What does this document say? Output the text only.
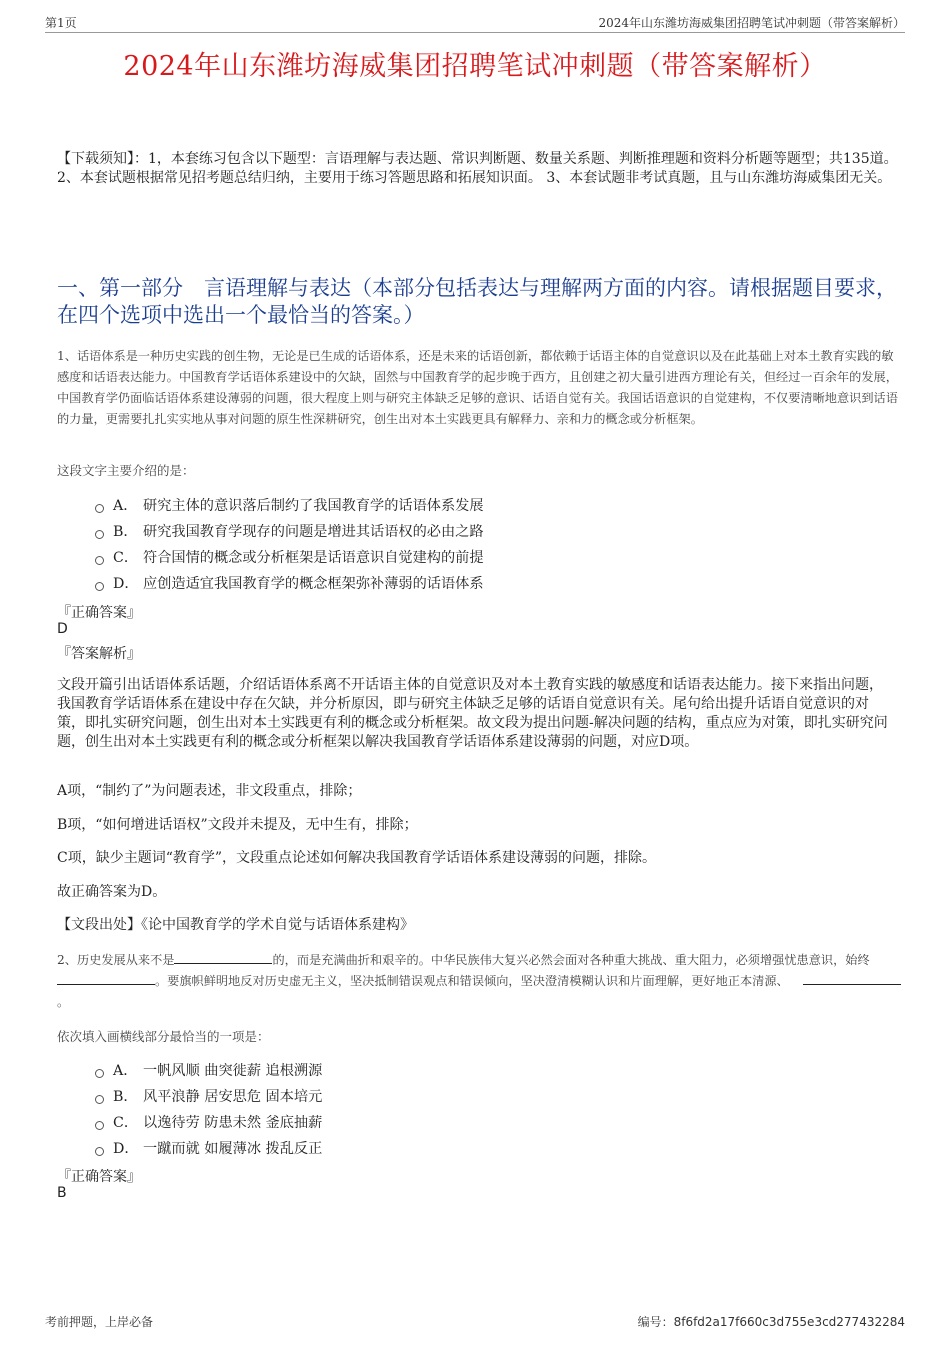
第1页	2024年山东潍坊海威集团招聘笔试冲刺题（带答案解析）
2024年山东潍坊海威集团招聘笔试冲刺题（带答案解析）
【下载须知】：1，本套练习包含以下题型：言语理解与表达题、常识判断题、数量关系题、判断推理题和资料分析题等题型；共135道。 2、本套试题根据常见招考题总结归纳，主要用于练习答题思路和拓展知识面。 3、本套试题非考试真题，且与山东潍坊海威集团无关。
一、第一部分　言语理解与表达（本部分包括表达与理解两方面的内容。请根据题目要求，在四个选项中选出一个最恰当的答案。）
1、话语体系是一种历史实践的创生物，无论是已生成的话语体系，还是未来的话语创新，都依赖于话语主体的自觉意识以及在此基础上对本土教育实践的敏感度和话语表达能力。中国教育学话语体系建设中的欠缺，固然与中国教育学的起步晚于西方，且创建之初大量引进西方理论有关，但经过一百余年的发展，中国教育学仍面临话语体系建设薄弱的问题，很大程度上则与研究主体缺乏足够的意识、话语自觉有关。我国话语意识的自觉建构，不仅要清晰地意识到话语的力量，更需要扎扎实实地从事对问题的原生性深耕研究，创生出对本土实践更具有解释力、亲和力的概念或分析框架。
这段文字主要介绍的是：
A． 研究主体的意识落后制约了我国教育学的话语体系发展
B． 研究我国教育学现存的问题是增进其话语权的必由之路
C． 符合国情的概念或分析框架是话语意识自觉建构的前提
D． 应创造适宜我国教育学的概念框架弥补薄弱的话语体系
『正确答案』
D
『答案解析』
文段开篇引出话语体系话题，介绍话语体系离不开话语主体的自觉意识及对本土教育实践的敏感度和话语表达能力。接下来指出问题，我国教育学话语体系在建设中存在欠缺，并分析原因，即与研究主体缺乏足够的话语自觉意识有关。尾句给出提升话语自觉意识的对策，即扎实研究问题，创生出对本土实践更有利的概念或分析框架。故文段为提出问题-解决问题的结构，重点应为对策，即扎实研究问题，创生出对本土实践更有利的概念或分析框架以解决我国教育学话语体系建设薄弱的问题，对应D项。
A项，“制约了”为问题表述，非文段重点，排除；
B项，“如何增进话语权”文段并未提及，无中生有，排除；
C项，缺少主题词“教育学”，文段重点论述如何解决我国教育学话语体系建设薄弱的问题，排除。
故正确答案为D。
【文段出处】《论中国教育学的学术自觉与话语体系建构》
2、历史发展从来不是	的，而是充满曲折和艰辛的。中华民族伟大复兴必然会面对各种重大挑战、重大阻力，必须增强忧患意识，始终。要旗帜鲜明地反对历史虚无主义，坚决抵制错误观点和错误倾向，坚决澄清模糊认识和片面理解，更好地正本清源、。
依次填入画横线部分最恰当的一项是：
A． 一帆风顺 曲突徙薪 追根溯源
B． 风平浪静 居安思危 固本培元
C． 以逸待劳 防患未然 釜底抽薪
D． 一蹴而就 如履薄冰 拨乱反正
『正确答案』
B
考前押题，上岸必备	编号：8f6fd2a17f660c3d755e3cd277432284
